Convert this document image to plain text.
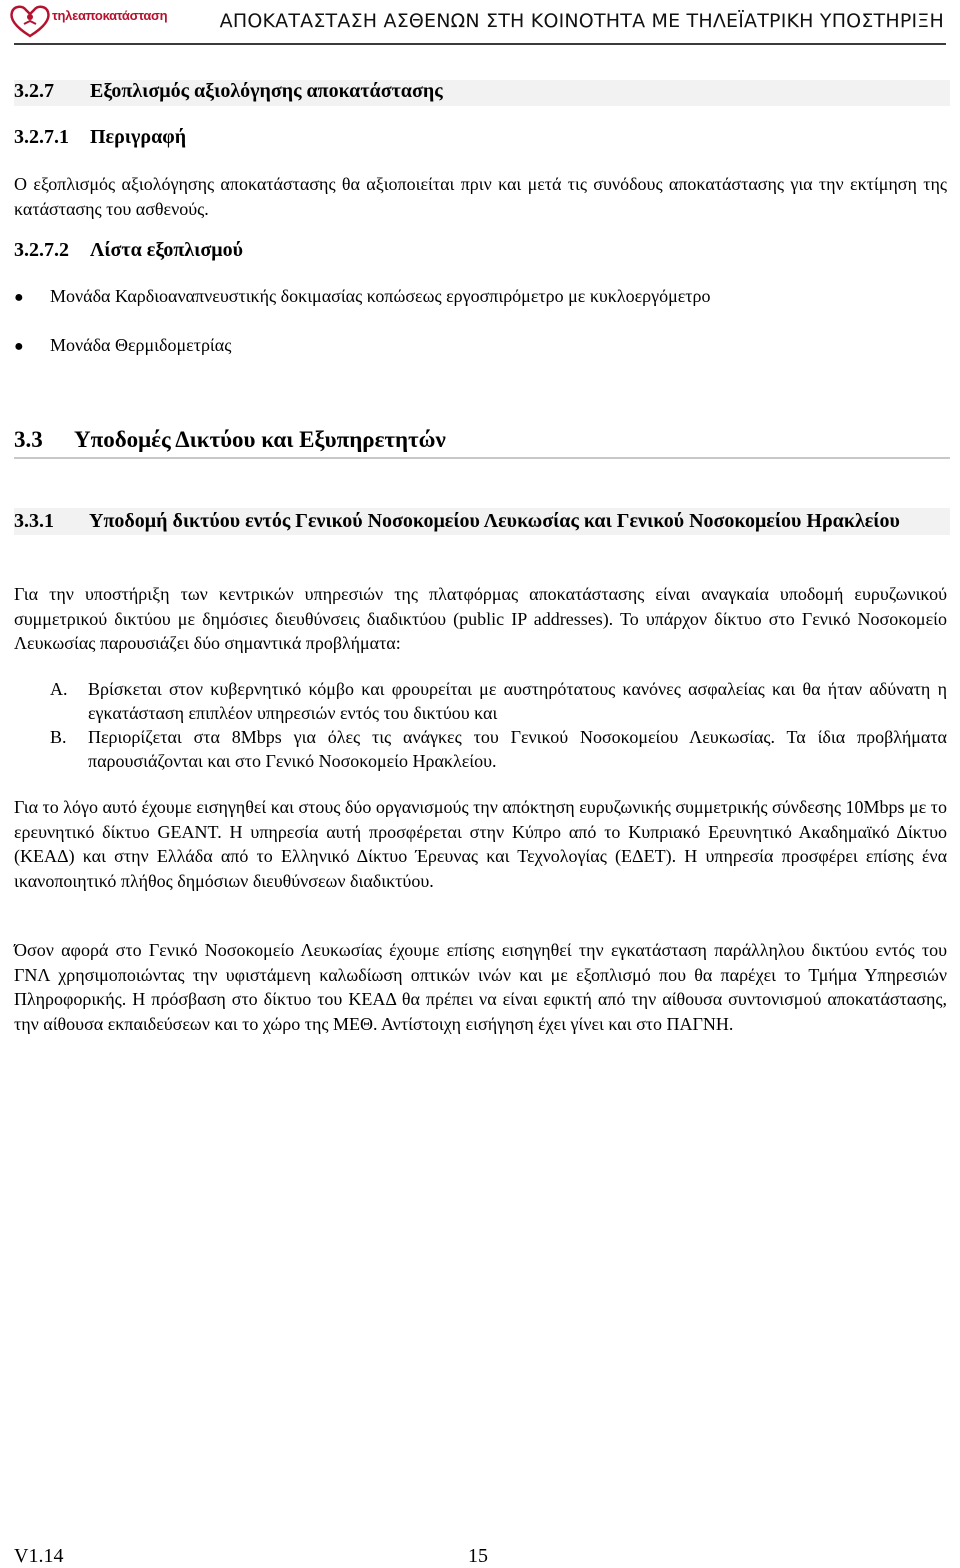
τηλεαποκατάσταση	ΑΠΟΚΑΤΑΣΤΑΣΗ ΑΣΘΕΝΩΝ ΣΤΗ ΚΟΙΝΟΤΗΤΑ ΜΕ ΤΗΛΕΪΑΤΡΙΚΗ ΥΠΟΣΤΗΡΙΞΗ
3.2.7 Εξοπλισμός αξιολόγησης αποκατάστασης
3.2.7.1 Περιγραφή
Ο εξοπλισμός αξιολόγησης αποκατάστασης θα αξιοποιείται πριν και μετά τις συνόδους αποκατάστασης για την εκτίμηση της κατάστασης του ασθενούς.
3.2.7.2 Λίστα εξοπλισμού
● Μονάδα Καρδιοαναπνευστικής δοκιμασίας κοπώσεως εργοσπιρόμετρο με κυκλοεργόμετρο
● Μονάδα Θερμιδομετρίας
3.3 Υποδομές Δικτύου και Εξυπηρετητών
3.3.1 Υποδομή δικτύου εντός Γενικού Νοσοκομείου Λευκωσίας και Γενικού Νοσοκομείου Ηρακλείου
Για την υποστήριξη των κεντρικών υπηρεσιών της πλατφόρμας αποκατάστασης είναι αναγκαία υποδομή ευρυζωνικού συμμετρικού δικτύου με δημόσιες διευθύνσεις διαδικτύου (public IP addresses). Το υπάρχον δίκτυο στο Γενικό Νοσοκομείο Λευκωσίας παρουσιάζει δύο σημαντικά προβλήματα:
A. Βρίσκεται στον κυβερνητικό κόμβο και φρουρείται με αυστηρότατους κανόνες ασφαλείας και θα ήταν αδύνατη η εγκατάσταση επιπλέον υπηρεσιών εντός του δικτύου και
B. Περιορίζεται στα 8Mbps για όλες τις ανάγκες του Γενικού Νοσοκομείου Λευκωσίας. Τα ίδια προβλήματα παρουσιάζονται και στο Γενικό Νοσοκομείο Ηρακλείου.
Για το λόγο αυτό έχουμε εισηγηθεί και στους δύο οργανισμούς την απόκτηση ευρυζωνικής συμμετρικής σύνδεσης 10Mbps με το ερευνητικό δίκτυο GEANT. Η υπηρεσία αυτή προσφέρεται στην Κύπρο από το Κυπριακό Ερευνητικό Ακαδημαϊκό Δίκτυο (ΚΕΑΔ) και στην Ελλάδα από το Ελληνικό Δίκτυο Έρευνας και Τεχνολογίας (ΕΔΕΤ). Η υπηρεσία προσφέρει επίσης ένα ικανοποιητικό πλήθος δημόσιων διευθύνσεων διαδικτύου.
Όσον αφορά στο Γενικό Νοσοκομείο Λευκωσίας έχουμε επίσης εισηγηθεί την εγκατάσταση παράλληλου δικτύου εντός του ΓΝΛ χρησιμοποιώντας την υφιστάμενη καλωδίωση οπτικών ινών και με εξοπλισμό που θα παρέχει το Τμήμα Υπηρεσιών Πληροφορικής. Η πρόσβαση στο δίκτυο του ΚΕΑΔ θα πρέπει να είναι εφικτή από την αίθουσα συντονισμού αποκατάστασης, την αίθουσα εκπαιδεύσεων και το χώρο της ΜΕΘ. Αντίστοιχη εισήγηση έχει γίνει και στο ΠΑΓΝΗ.
V1.14	15
